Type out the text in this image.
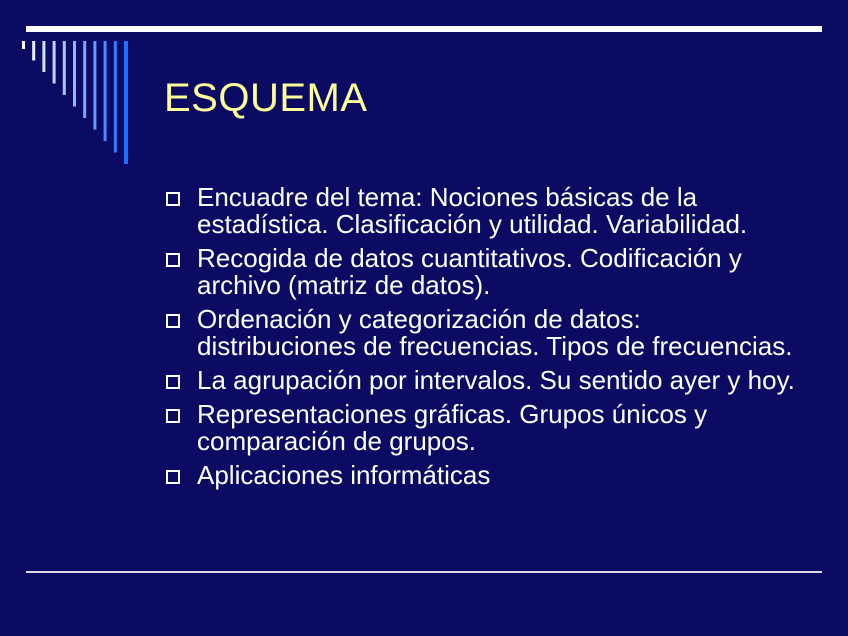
ESQUEMA
Encuadre del tema: Nociones básicas de la estadística. Clasificación y utilidad. Variabilidad.
Recogida de datos cuantitativos. Codificación y archivo (matriz de datos).
Ordenación y categorización de datos: distribuciones de frecuencias. Tipos de frecuencias.
La agrupación por intervalos. Su sentido ayer y hoy.
Representaciones gráficas. Grupos únicos y comparación de grupos.
Aplicaciones informáticas
